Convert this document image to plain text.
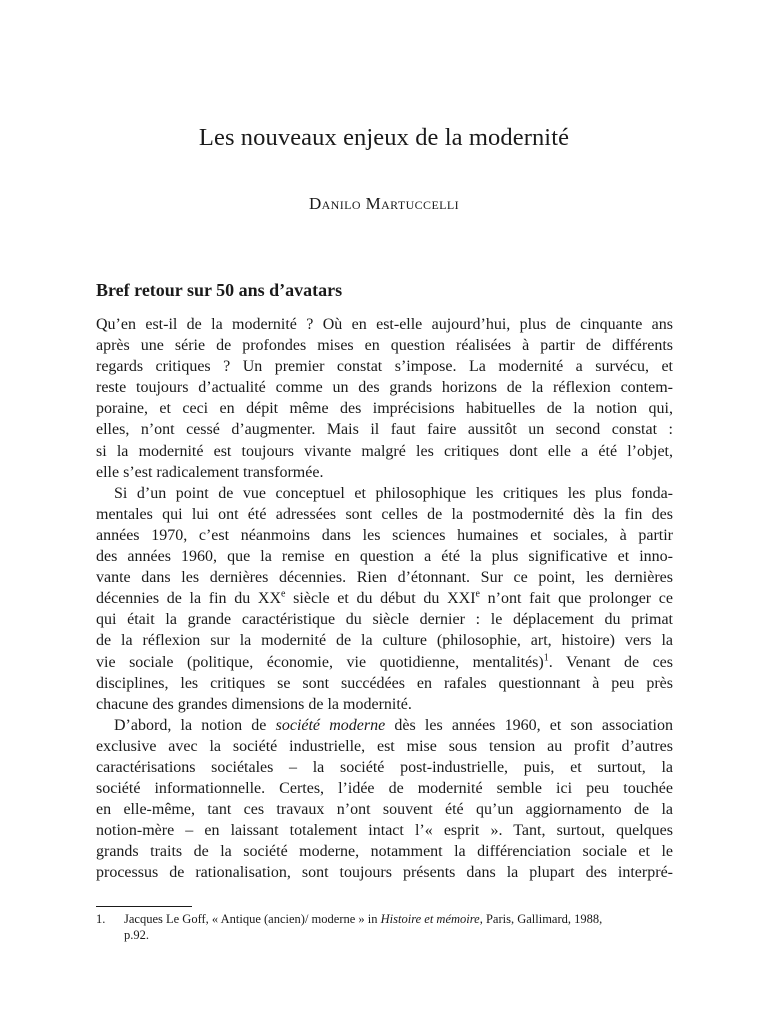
Les nouveaux enjeux de la modernité
Danilo Martuccelli
Bref retour sur 50 ans d’avatars

Qu’en est-il de la modernité ? Où en est-elle aujourd’hui, plus de cinquante ans
après une série de profondes mises en question réalisées à partir de différents
regards critiques ? Un premier constat s’impose. La modernité a survécu, et
reste toujours d’actualité comme un des grands horizons de la réflexion contem-
poraine, et ceci en dépit même des imprécisions habituelles de la notion qui,
elles, n’ont cessé d’augmenter. Mais il faut faire aussitôt un second constat :
si la modernité est toujours vivante malgré les critiques dont elle a été l’objet,
elle s’est radicalement transformée.

Si d’un point de vue conceptuel et philosophique les critiques les plus fonda-
mentales qui lui ont été adressées sont celles de la postmodernité dès la fin des
années 1970, c’est néanmoins dans les sciences humaines et sociales, à partir
des années 1960, que la remise en question a été la plus significative et inno-
vante dans les dernières décennies. Rien d’étonnant. Sur ce point, les dernières
décennies de la fin du XXe siècle et du début du XXIe n’ont fait que prolonger ce
qui était la grande caractéristique du siècle dernier : le déplacement du primat
de la réflexion sur la modernité de la culture (philosophie, art, histoire) vers la
vie sociale (politique, économie, vie quotidienne, mentalités)$^1$. Venant de ces
disciplines, les critiques se sont succédées en rafales questionnant à peu près
chacune des grandes dimensions de la modernité.

D’abord, la notion de société moderne dès les années 1960, et son association
exclusive avec la société industrielle, est mise sous tension au profit d’autres
caractérisations sociétales – la société post-industrielle, puis, et surtout, la
société informationnelle. Certes, l’idée de modernité semble ici peu touchée
en elle-même, tant ces travaux n’ont souvent été qu’un aggiornamento de la
notion-mère – en laissant totalement intact l’« esprit ». Tant, surtout, quelques
grands traits de la société moderne, notamment la différenciation sociale et le
processus de rationalisation, sont toujours présents dans la plupart des interpré-

1. Jacques Le Goff, « Antique (ancien)/ moderne » in Histoire et mémoire, Paris, Gallimard, 1988,
p.92.
